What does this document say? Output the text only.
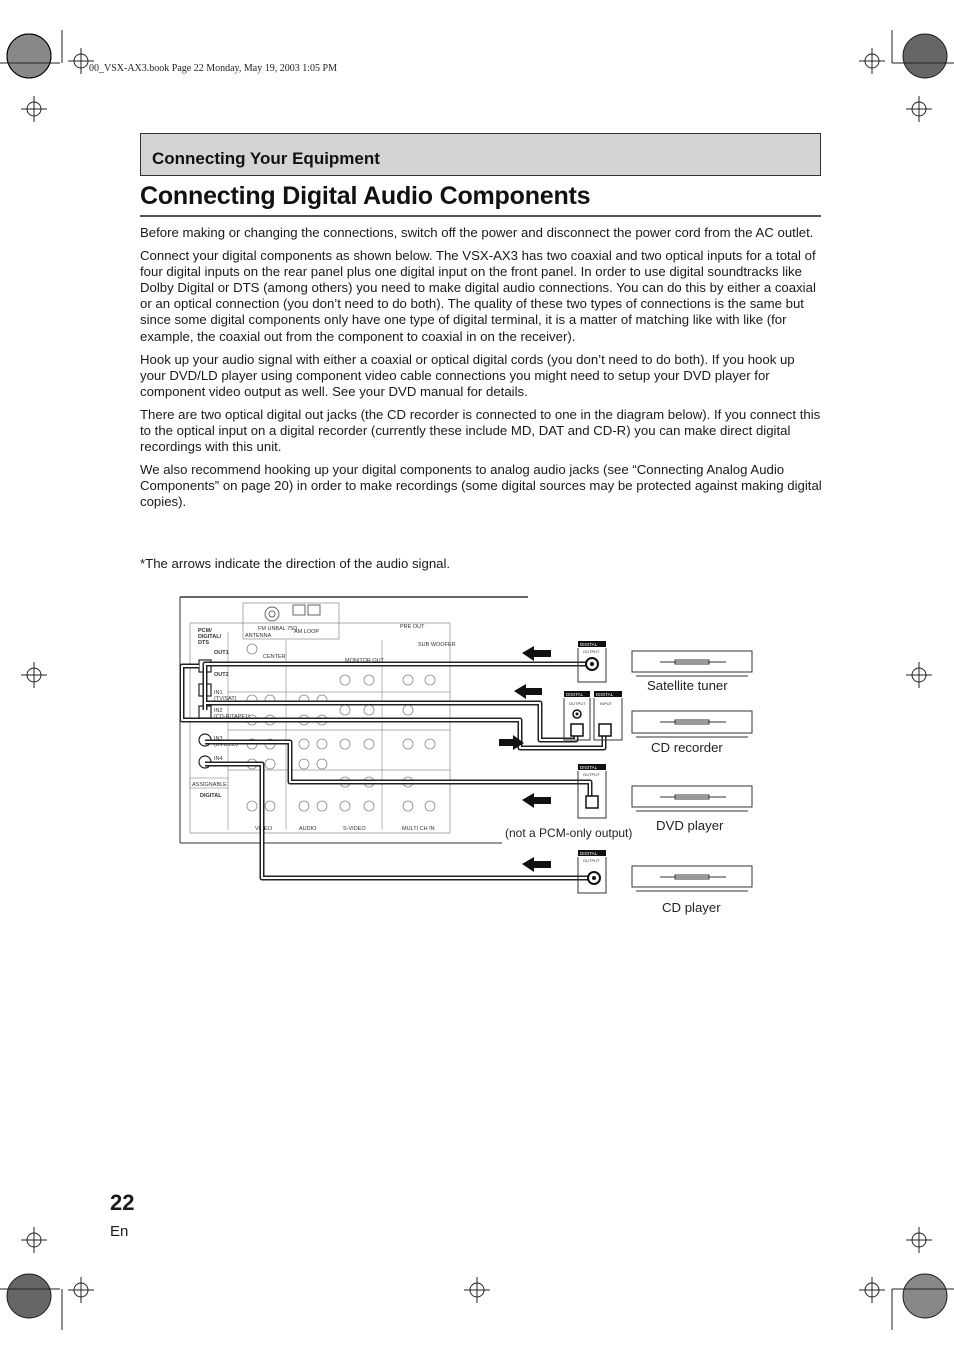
00_VSX-AX3.book Page 22 Monday, May 19, 2003 1:05 PM
Connecting Your Equipment
Connecting Digital Audio Components

Before making or changing the connections, switch off the power and disconnect the power cord from the AC outlet.

Connect your digital components as shown below. The VSX-AX3 has two coaxial and two optical inputs for a total of four digital inputs on the rear panel plus one digital input on the front panel. In order to use digital soundtracks like Dolby Digital or DTS (among others) you need to make digital audio connections. You can do this by either a coaxial or an optical connection (you don’t need to do both). The quality of these two types of connections is the same but since some digital components only have one type of digital terminal, it is a matter of matching like with like (for example, the coaxial out from the component to coaxial in on the receiver).

Hook up your audio signal with either a coaxial or optical digital cords (you don’t need to do both). If you hook up your DVD/LD player using component video cable connections you might need to setup your DVD player for component video output as well. See your DVD manual for details.

There are two optical digital out jacks (the CD recorder is connected to one in the diagram below). If you connect this to the optical input on a digital recorder (currently these include MD, DAT and CD-R) you can make direct digital recordings with this unit.

We also recommend hooking up your digital components to analog audio jacks (see “Connecting Analog Audio Components” on page 20) in order to make recordings (some digital sources may be protected against making digital copies).

*The arrows indicate the direction of the audio signal.
PCM/
DIGITAL/
DTS
OUT1
OUT2
IN1
(TV/SAT)
IN2
(CD-R/TAPE1)
IN3
(DVD/LD)
IN4
(CD)
ASSIGNABLE
DIGITAL
ANTENNA
FM UNBAL 75Ω
AM LOOP
CENTER
MONITOR OUT
PRE OUT
SUB WOOFER
VIDEO	AUDIO	S-VIDEO	MULTI CH IN
DIGITAL
OUTPUT
DIGITAL	DIGITAL
OUTPUT	INPUT
DIGITAL
OUTPUT
DIGITAL
OUTPUT
Satellite tuner
CD recorder
DVD player
CD player
(not a PCM-only output)
22
En
